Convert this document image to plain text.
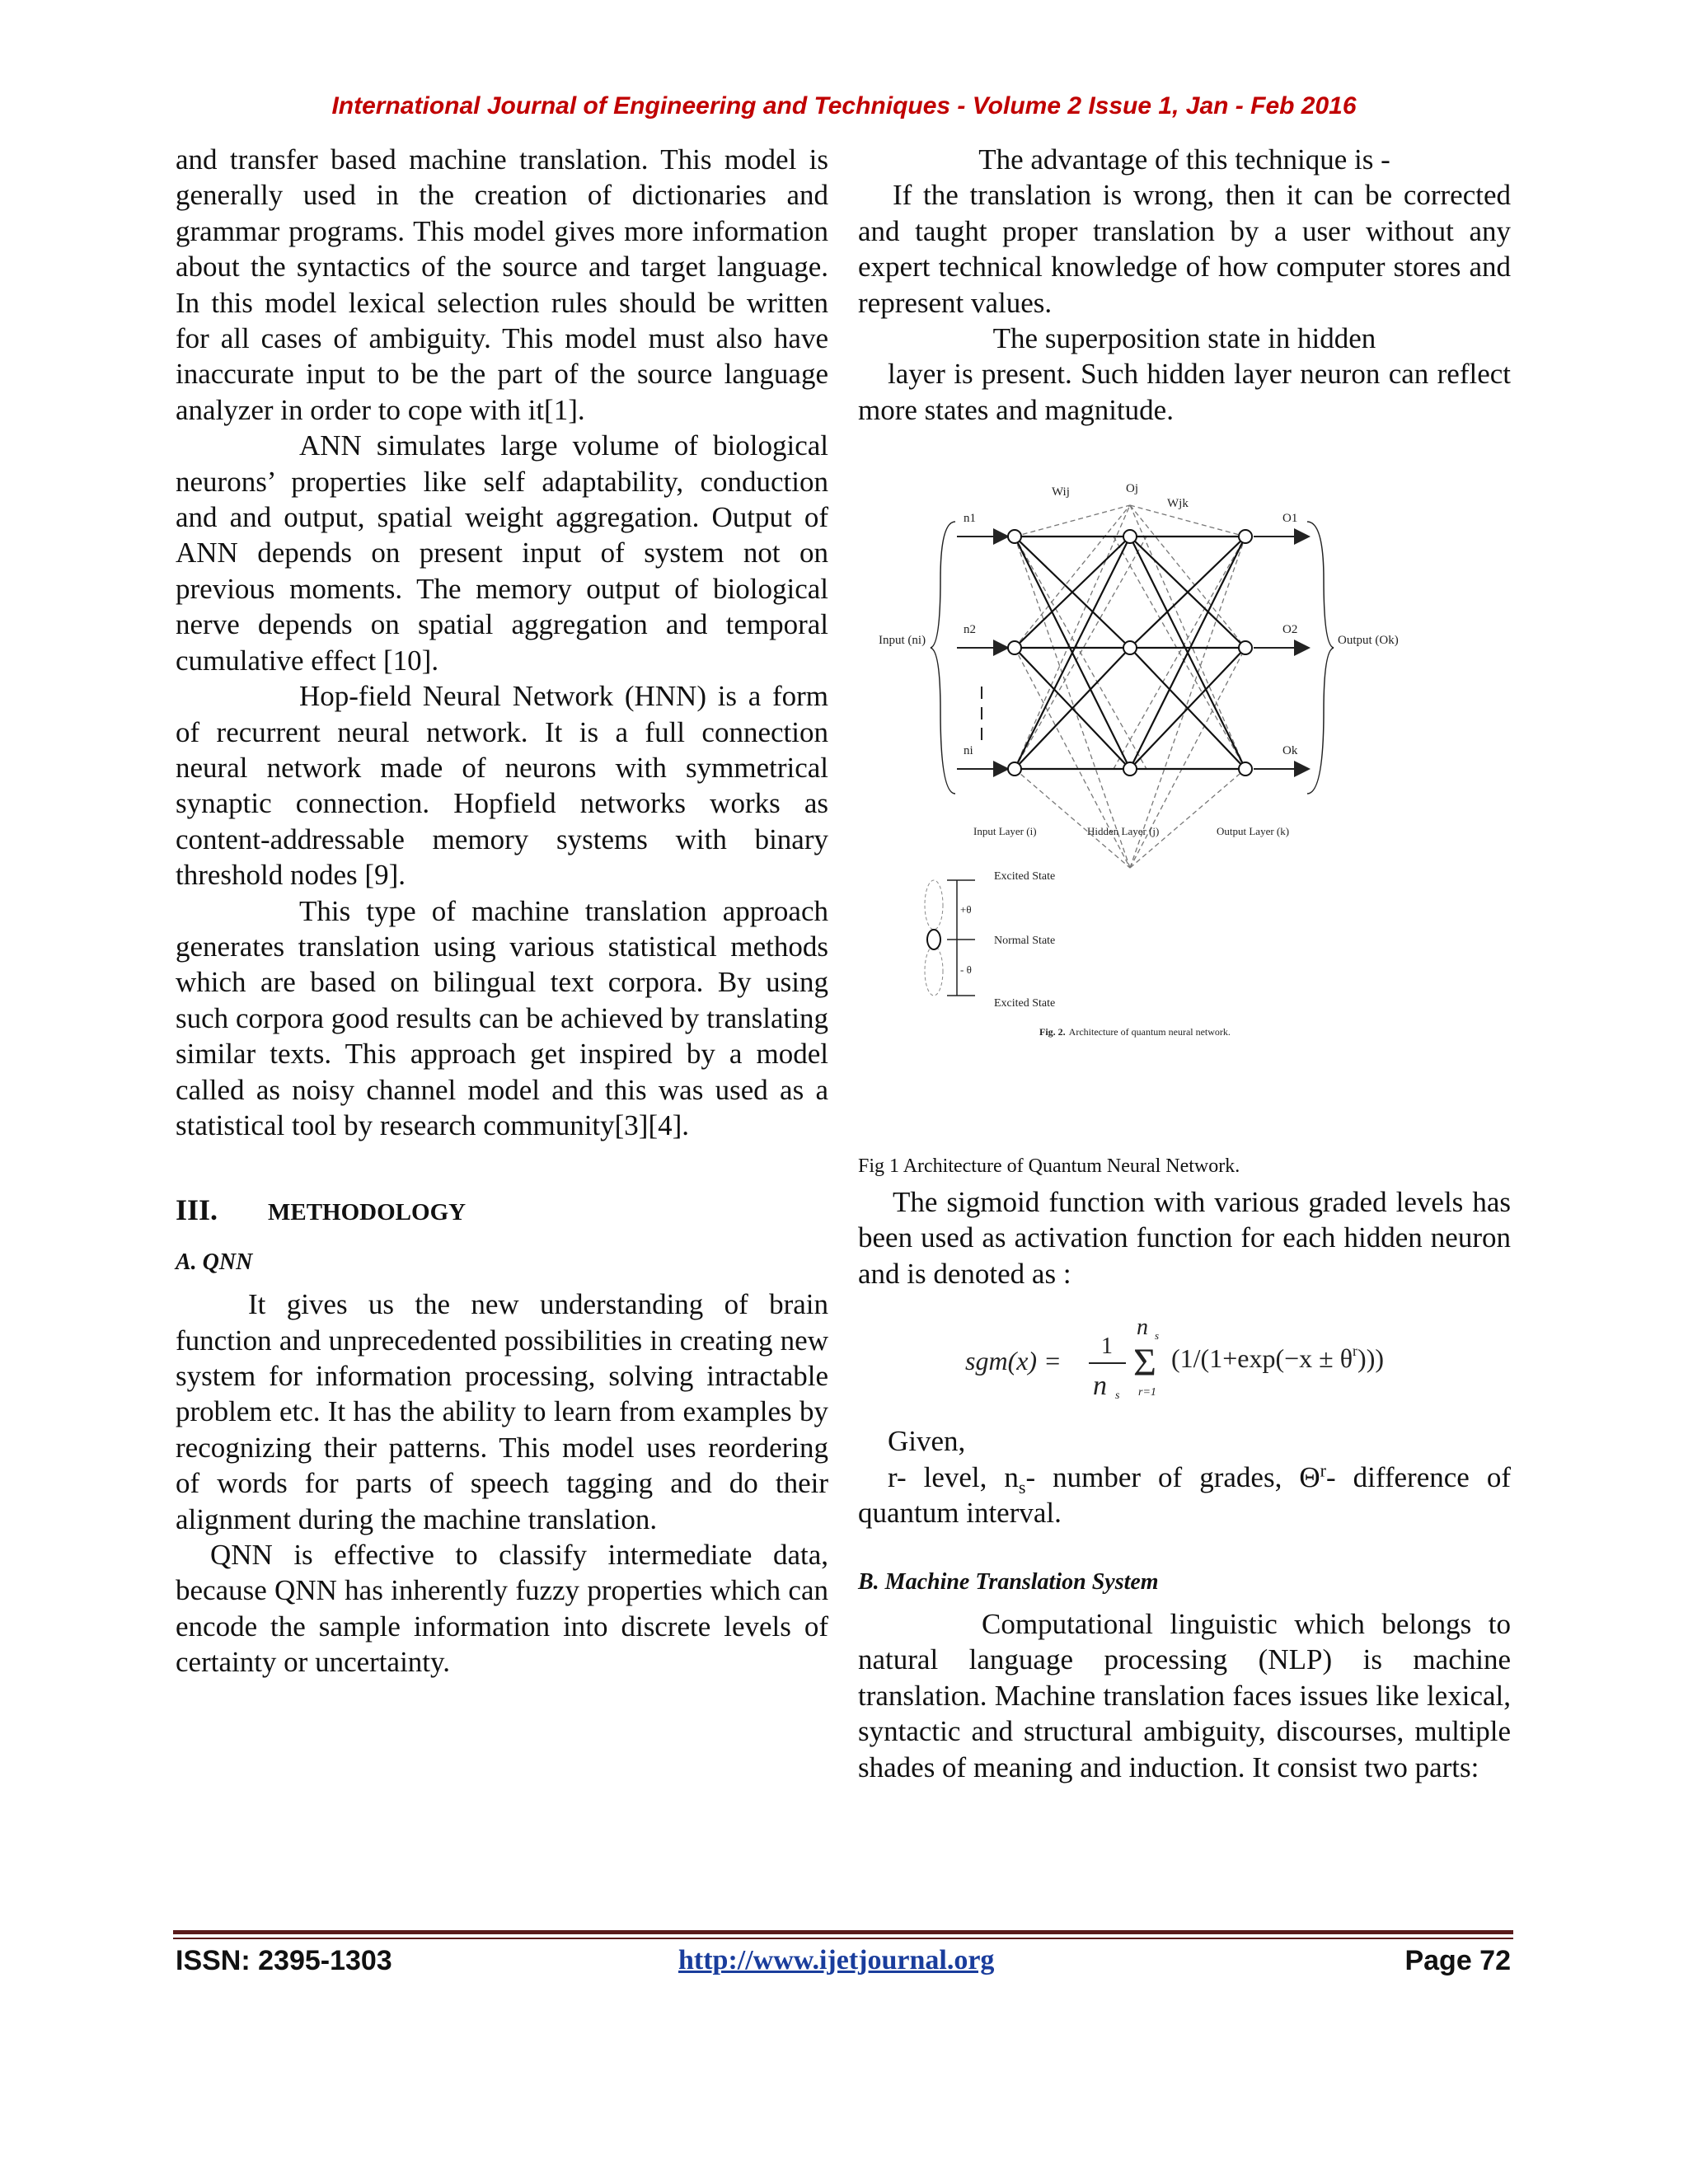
International Journal of Engineering and Techniques - Volume 2 Issue 1, Jan - Feb 2016

and transfer based machine translation. This model is generally used in the creation of dictionaries and grammar programs. This model gives more information about the syntactics of the source and target language. In this model lexical selection rules should be written for all cases of ambiguity. This model must also have inaccurate input to be the part of the source language analyzer in order to cope with it[1].

ANN simulates large volume of biological neurons’ properties like self adaptability, conduction and and output, spatial weight aggregation. Output of ANN depends on present input of system not on previous moments. The memory output of biological nerve depends on spatial aggregation and temporal cumulative effect [10].

Hop-field Neural Network (HNN) is a form of recurrent neural network. It is a full connection neural network made of neurons with symmetrical synaptic connection. Hopfield networks works as content-addressable memory systems with binary threshold nodes [9].

This type of machine translation approach generates translation using various statistical methods which are based on bilingual text corpora. By using such corpora good results can be achieved by translating similar texts. This approach get inspired by a model called as noisy channel model and this was used as a statistical tool by research community[3][4].

III.	METHODOLOGY

A. QNN

It gives us the new understanding of brain function and unprecedented possibilities in creating new system for information processing, solving intractable problem etc. It has the ability to learn from examples by recognizing their patterns. This model uses reordering of words for parts of speech tagging and do their alignment during the machine translation.

QNN is effective to classify intermediate data, because QNN has inherently fuzzy properties which can encode the sample information into discrete levels of certainty or uncertainty.

The advantage of this technique is -

If the translation is wrong, then it can be corrected and taught proper translation by a user without any expert technical knowledge of how computer stores and represent values.

The superposition state in hidden

layer is present. Such hidden layer neuron can reflect more states and magnitude.

Wij	Oj
Wjk
n1
n2
ni
O1
O2
Ok
Input (ni)	Output (Ok)
Input Layer (i)	Hidden Layer (j)	Output Layer (k)
+θ
- θ
Excited State
Normal State
Excited State
Fig. 2. Architecture of quantum neural network.

Fig 1 Architecture of Quantum Neural Network.

The sigmoid function with various graded levels has been used as activation function for each hidden neuron and is denoted as :

sgm(x) = 1
n s
n s
Σ
r=1
$(1/(1+\exp(-x \pm \theta^r)))$

Given,

r- level, $n_s-$ number of grades, $\Theta^r-$ difference of quantum interval.

B. Machine Translation System

Computational linguistic which belongs to natural language processing (NLP) is machine translation. Machine translation faces issues like lexical, syntactic and structural ambiguity, discourses, multiple shades of meaning and induction. It consist two parts:

ISSN: 2395-1303	http://www.ijetjournal.org	Page 72
